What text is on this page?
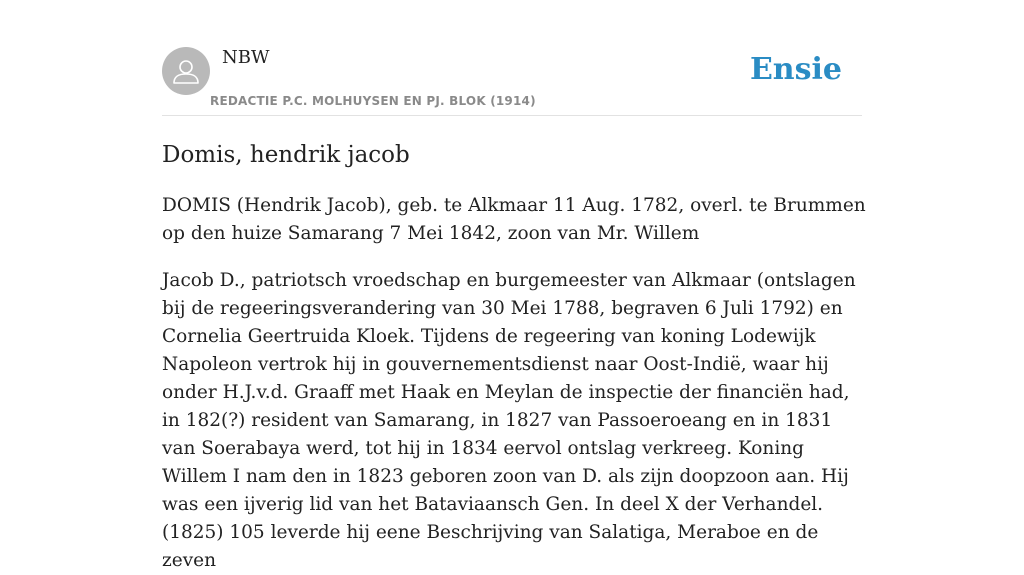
NBW
REDACTIE P.C. MOLHUYSEN EN PJ. BLOK (1914)
Ensie
Domis, hendrik jacob

DOMIS (Hendrik Jacob), geb. te Alkmaar 11 Aug. 1782, overl. te Brummen op den huize Samarang 7 Mei 1842, zoon van Mr. Willem

Jacob D., patriotsch vroedschap en burgemeester van Alkmaar (ontslagen bij de regeeringsverandering van 30 Mei 1788, begraven 6 Juli 1792) en Cornelia Geertruida Kloek. Tijdens de regeering van koning Lodewijk Napoleon vertrok hij in gouvernementsdienst naar Oost-Indië, waar hij onder H.J.v.d. Graaff met Haak en Meylan de inspectie der financiën had, in 182(?) resident van Samarang, in 1827 van Passoeroeang en in 1831 van Soerabaya werd, tot hij in 1834 eervol ontslag verkreeg. Koning Willem I nam den in 1823 geboren zoon van D. als zijn doopzoon aan. Hij was een ijverig lid van het Bataviaansch Gen. In deel X der Verhandel. (1825) 105 leverde hij eene Beschrijving van Salatiga, Meraboe en de zeven
